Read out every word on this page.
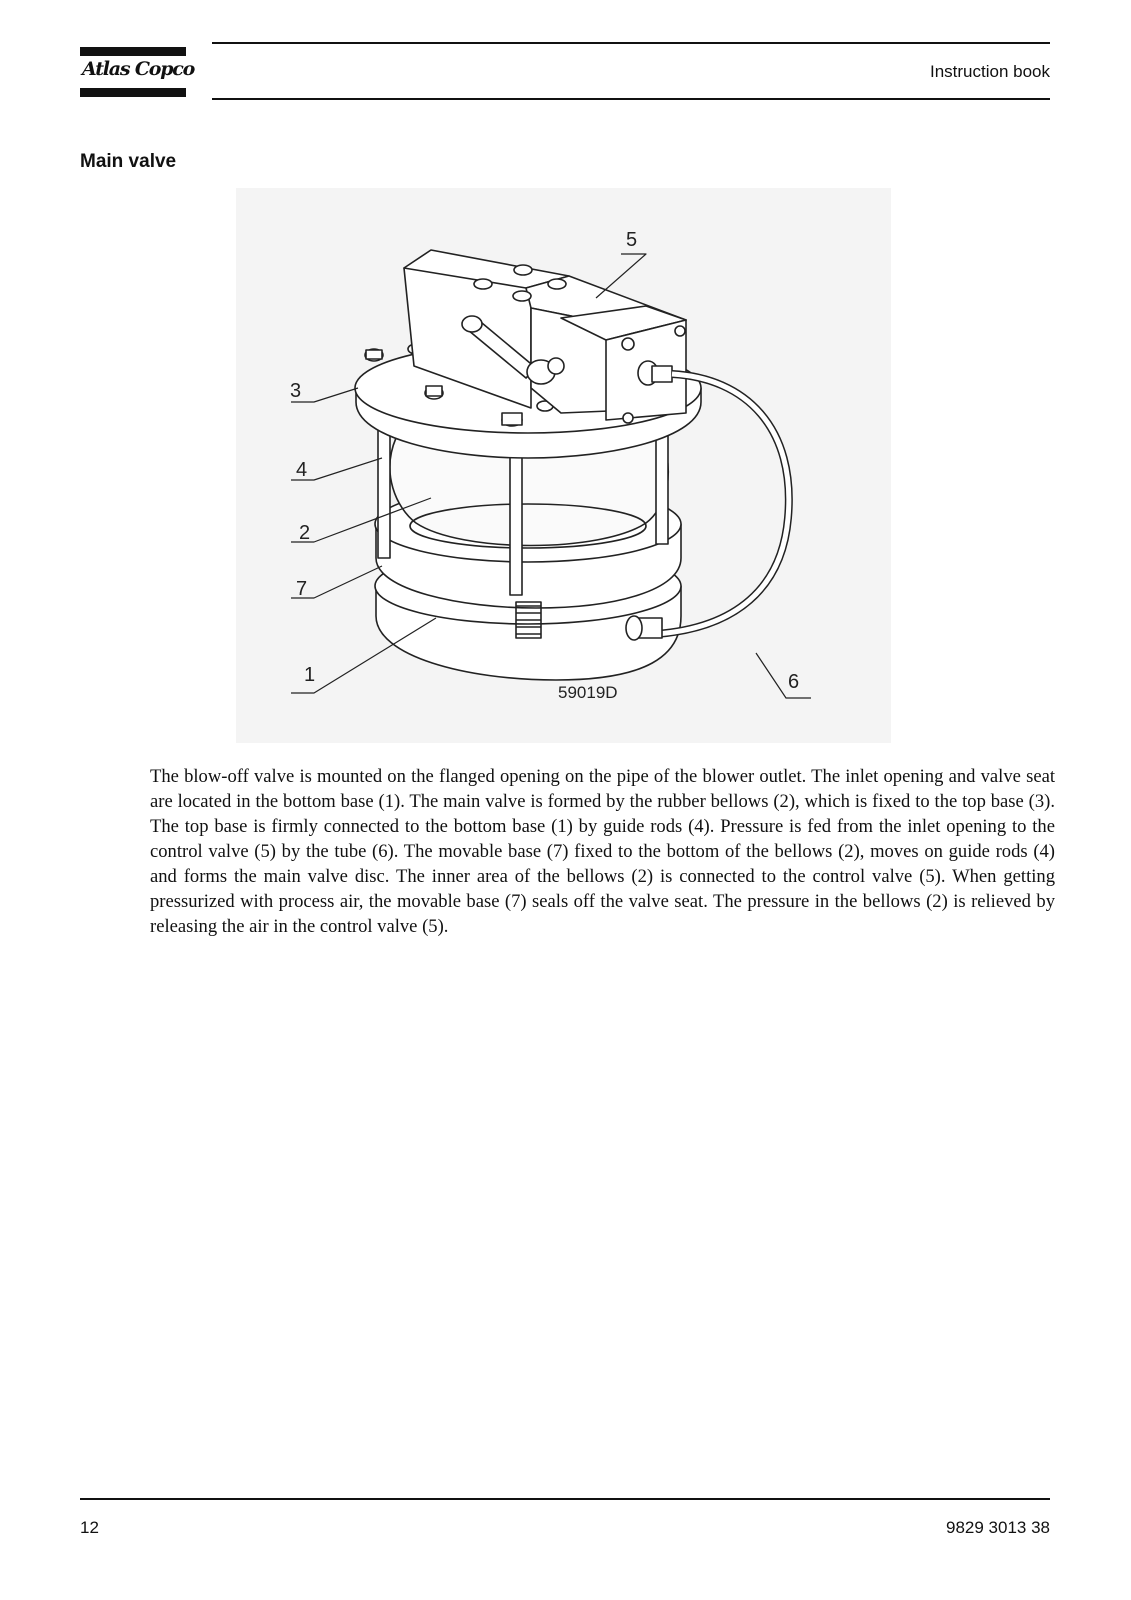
Atlas Copco	Instruction book
Main valve
5
3
4
2
7
1	6
59019D

The blow-off valve is mounted on the flanged opening on the pipe of the blower outlet. The inlet opening and valve seat are located in the bottom base (1). The main valve is formed by the rubber bellows (2), which is fixed to the top base (3). The top base is firmly connected to the bottom base (1) by guide rods (4). Pressure is fed from the inlet opening to the control valve (5) by the tube (6). The movable base (7) fixed to the bottom of the bellows (2), moves on guide rods (4) and forms the main valve disc. The inner area of the bellows (2) is connected to the control valve (5). When getting pressurized with process air, the movable base (7) seals off the valve seat. The pressure in the bellows (2) is relieved by releasing the air in the control valve (5).

12	9829 3013 38
